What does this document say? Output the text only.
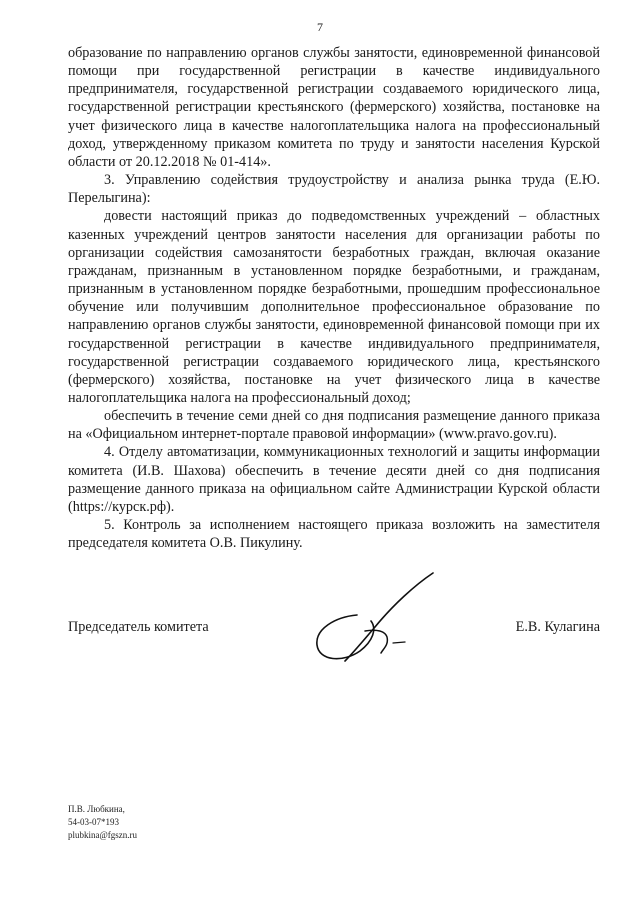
7

образование по направлению органов службы занятости, единовременной финансовой помощи при государственной регистрации в качестве индивидуального предпринимателя, государственной регистрации создаваемого юридического лица, государственной регистрации крестьянского (фермерского) хозяйства, постановке на учет физического лица в качестве налогоплательщика налога на профессиональный доход, утвержденному приказом комитета по труду и занятости населения Курской области от 20.12.2018 № 01-414».

3. Управлению содействия трудоустройству и анализа рынка труда (Е.Ю. Перелыгина):

довести настоящий приказ до подведомственных учреждений – областных казенных учреждений центров занятости населения для организации работы по организации содействия самозанятости безработных граждан, включая оказание гражданам, признанным в установленном порядке безработными, и гражданам, признанным в установленном порядке безработными, прошедшим профессиональное обучение или получившим дополнительное профессиональное образование по направлению органов службы занятости, единовременной финансовой помощи при их государственной регистрации в качестве индивидуального предпринимателя, государственной регистрации создаваемого юридического лица, крестьянского (фермерского) хозяйства, постановке на учет физического лица в качестве налогоплательщика налога на профессиональный доход;

обеспечить в течение семи дней со дня подписания размещение данного приказа на «Официальном интернет-портале правовой информации» (www.pravo.gov.ru).

4. Отделу автоматизации, коммуникационных технологий и защиты информации комитета (И.В. Шахова) обеспечить в течение десяти дней со дня подписания размещение данного приказа на официальном сайте Администрации Курской области (https://курск.рф).

5. Контроль за исполнением настоящего приказа возложить на заместителя председателя комитета О.В. Пикулину.

Председатель комитета	Е.В. Кулагина
П.В. Любкина,
54-03-07*193
plubkina@fgszn.ru
